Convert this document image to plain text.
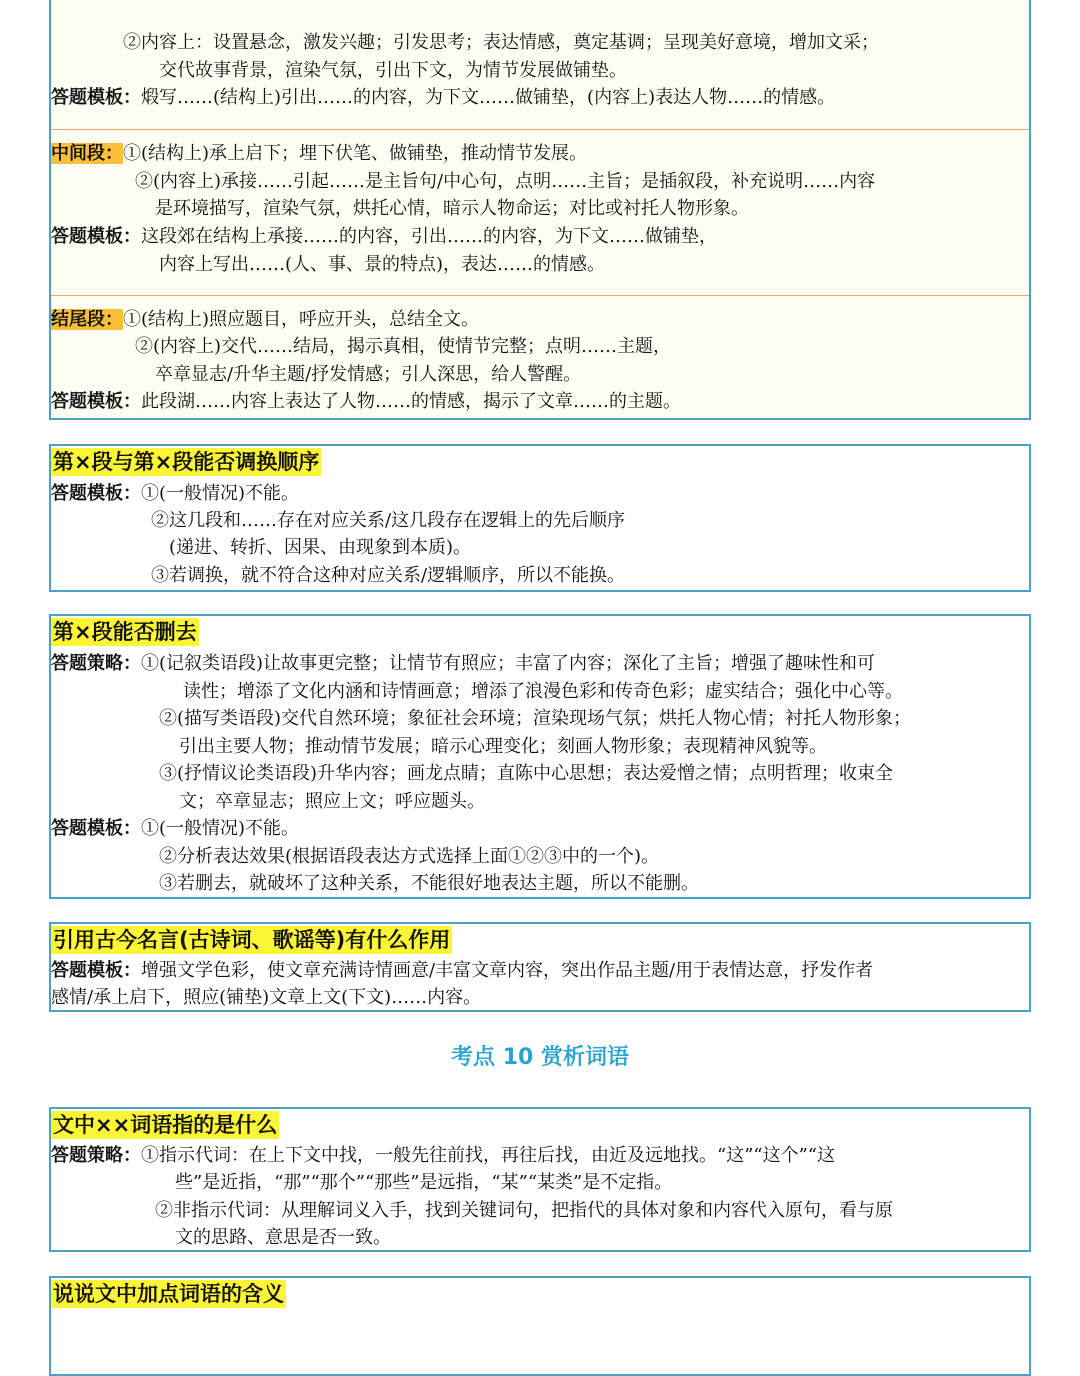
②内容上：设置悬念，激发兴趣；引发思考；表达情感，奠定基调；呈现美好意境，增加文采；
交代故事背景，渲染气氛，引出下文，为情节发展做铺垫。
答题模板：煅写……(结构上)引出……的内容，为下文……做铺垫，(内容上)表达人物……的情感。
中间段：①(结构上)承上启下；埋下伏笔、做铺垫，推动情节发展。
②(内容上)承接……引起……是主旨句/中心句，点明……主旨；是插叙段，补充说明……内容
是环境描写，渲染气氛，烘托心情，暗示人物命运；对比或衬托人物形象。
答题模板：这段郊在结构上承接……的内容，引出……的内容，为下文……做铺垫，
内容上写出……(人、事、景的特点)，表达……的情感。
结尾段：①(结构上)照应题目，呼应开头，总结全文。
②(内容上)交代……结局，揭示真相，使情节完整；点明……主题，
卒章显志/升华主题/抒发情感；引人深思，给人警醒。
答题模板：此段湖……内容上表达了人物……的情感，揭示了文章……的主题。
第×段与第×段能否调换顺序
答题模板：①(一般情况)不能。
②这几段和……存在对应关系/这几段存在逻辑上的先后顺序
(递进、转折、因果、由现象到本质)。
③若调换，就不符合这种对应关系/逻辑顺序，所以不能换。
第×段能否删去
答题策略：①(记叙类语段)让故事更完整；让情节有照应；丰富了内容；深化了主旨；增强了趣味性和可
读性；增添了文化内涵和诗情画意；增添了浪漫色彩和传奇色彩；虚实结合；强化中心等。
②(描写类语段)交代自然环境；象征社会环境；渲染现场气氛；烘托人物心情；衬托人物形象；
引出主要人物；推动情节发展；暗示心理变化；刻画人物形象；表现精神风貌等。
③(抒情议论类语段)升华内容；画龙点睛；直陈中心思想；表达爱憎之情；点明哲理；收束全
文；卒章显志；照应上文；呼应题头。
答题模板：①(一般情况)不能。
②分析表达效果(根据语段表达方式选择上面①②③中的一个)。
③若删去，就破坏了这种关系，不能很好地表达主题，所以不能删。
引用古今名言(古诗词、歌谣等)有什么作用
答题模板：增强文学色彩，使文章充满诗情画意/丰富文章内容，突出作品主题/用于表情达意，抒发作者
感情/承上启下，照应(铺垫)文章上文(下文)……内容。
考点 10 赏析词语
文中××词语指的是什么
答题策略：①指示代词：在上下文中找，一般先往前找，再往后找，由近及远地找。“这”“这个”“这
些”是近指，“那”“那个”“那些”是远指，“某”“某类”是不定指。
②非指示代词：从理解词义入手，找到关键词句，把指代的具体对象和内容代入原句，看与原
文的思路、意思是否一致。
说说文中加点词语的含义
